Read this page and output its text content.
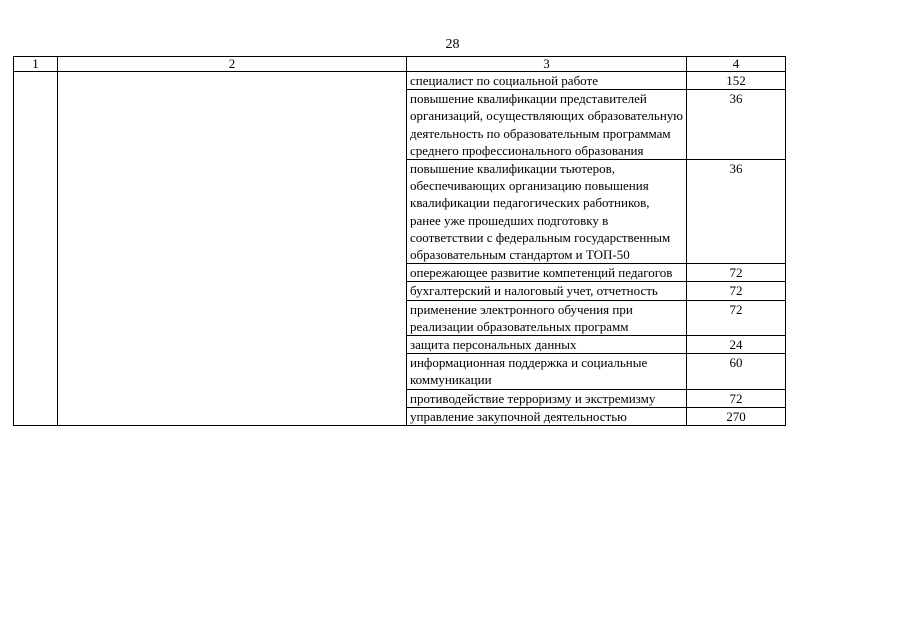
28
1	2	3	4
		специалист по социальной работе	152
		повышение квалификации представителей организаций, осуществляющих образовательную деятельность по образовательным программам среднего профессионального образования	36
		повышение квалификации тьютеров, обеспечивающих организацию повышения квалификации педагогических работников, ранее уже прошедших подготовку в соответствии с федеральным государственным образовательным стандартом и ТОП-50	36
		опережающее развитие компетенций педагогов	72
		бухгалтерский и налоговый учет, отчетность	72
		применение электронного обучения при реализации образовательных программ	72
		защита персональных данных	24
		информационная поддержка и социальные коммуникации	60
		противодействие терроризму и экстремизму	72
		управление закупочной деятельностью	270
